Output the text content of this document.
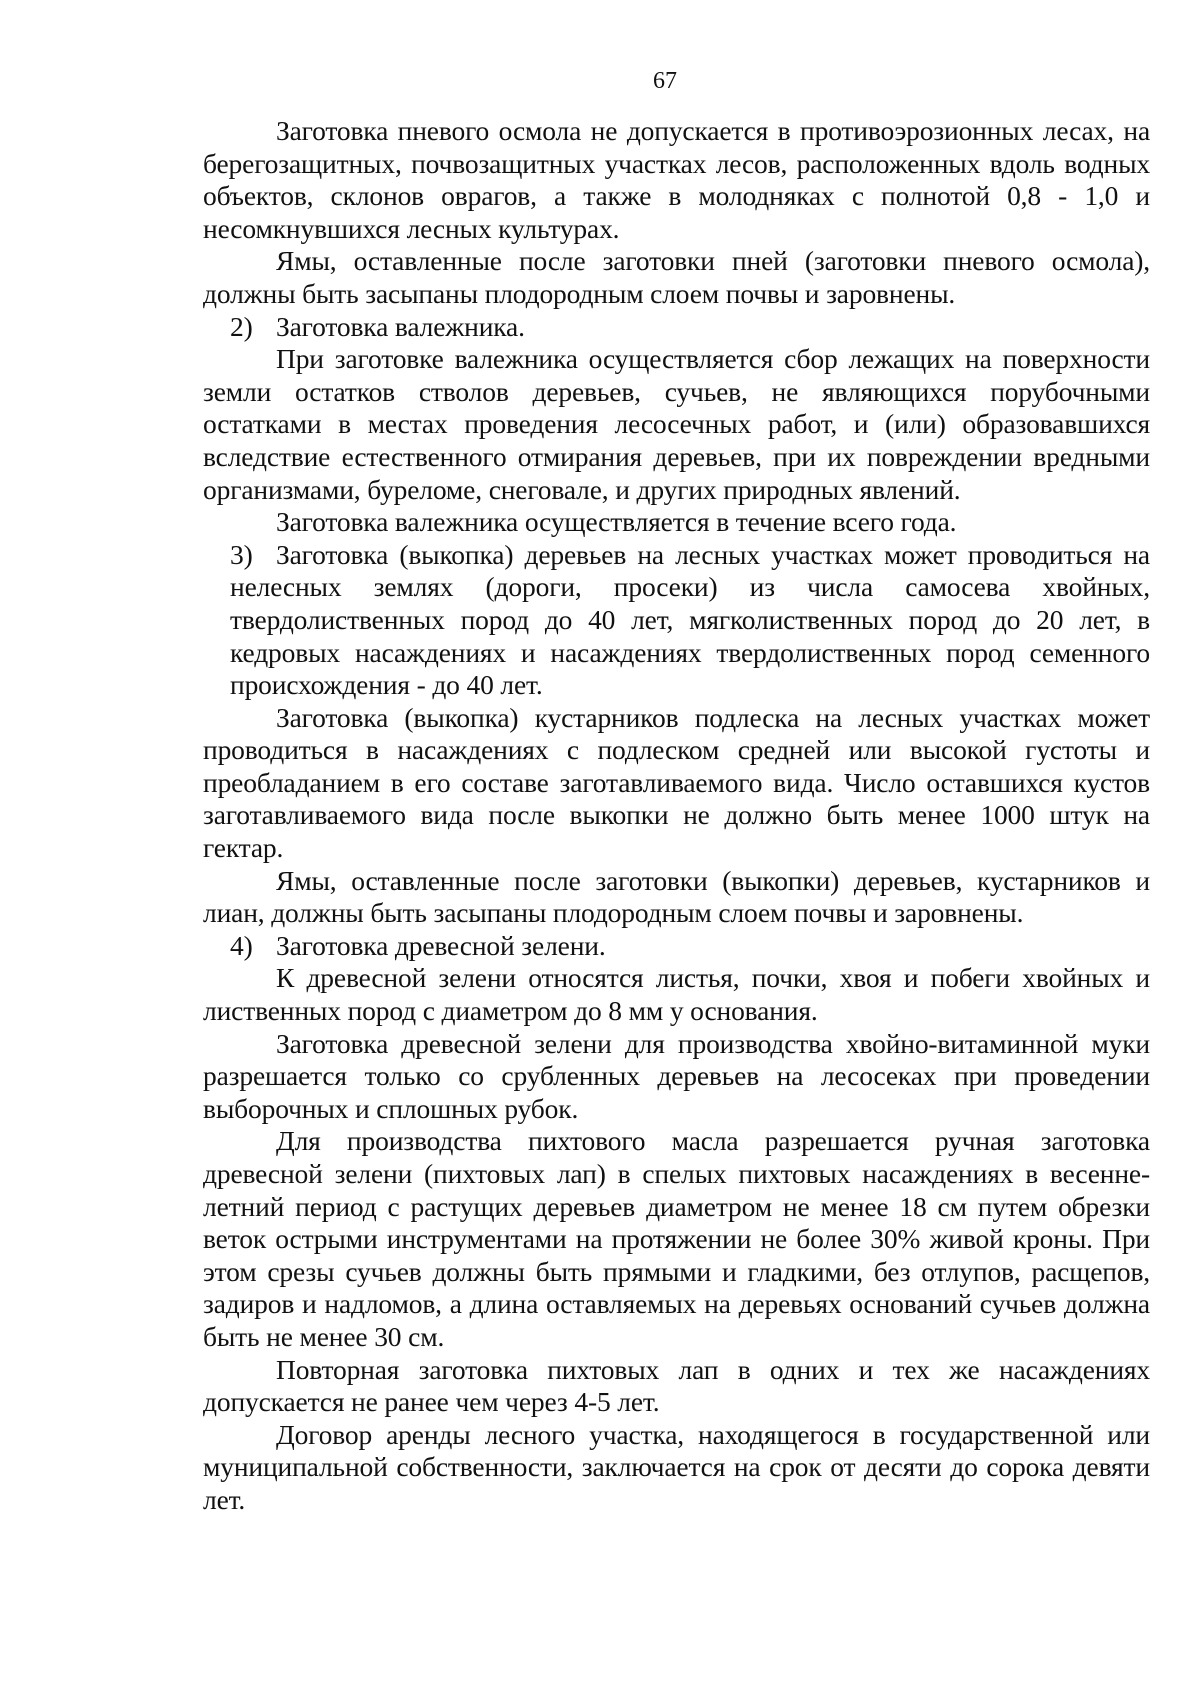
67

Заготовка пневого осмола не допускается в противоэрозионных лесах, на берегозащитных, почвозащитных участках лесов, расположенных вдоль водных объектов, склонов оврагов, а также в молодняках с полнотой 0,8 - 1,0 и несомкнувшихся лесных культурах.

Ямы, оставленные после заготовки пней (заготовки пневого осмола), должны быть засыпаны плодородным слоем почвы и заровнены.

2) Заготовка валежника.

При заготовке валежника осуществляется сбор лежащих на поверхности земли остатков стволов деревьев, сучьев, не являющихся порубочными остатками в местах проведения лесосечных работ, и (или) образовавшихся вследствие естественного отмирания деревьев, при их повреждении вредными организмами, буреломе, снеговале, и других природных явлений.

Заготовка валежника осуществляется в течение всего года.

3) Заготовка (выкопка) деревьев на лесных участках может проводиться на нелесных землях (дороги, просеки) из числа самосева хвойных, твердолиственных пород до 40 лет, мягколиственных пород до 20 лет, в кедровых насаждениях и насаждениях твердолиственных пород семенного происхождения - до 40 лет.

Заготовка (выкопка) кустарников подлеска на лесных участках может проводиться в насаждениях с подлеском средней или высокой густоты и преобладанием в его составе заготавливаемого вида. Число оставшихся кустов заготавливаемого вида после выкопки не должно быть менее 1000 штук на гектар.

Ямы, оставленные после заготовки (выкопки) деревьев, кустарников и лиан, должны быть засыпаны плодородным слоем почвы и заровнены.

4) Заготовка древесной зелени.

К древесной зелени относятся листья, почки, хвоя и побеги хвойных и лиственных пород с диаметром до 8 мм у основания.

Заготовка древесной зелени для производства хвойно-витаминной муки разрешается только со срубленных деревьев на лесосеках при проведении выборочных и сплошных рубок.

Для производства пихтового масла разрешается ручная заготовка древесной зелени (пихтовых лап) в спелых пихтовых насаждениях в весенне-летний период с растущих деревьев диаметром не менее 18 см путем обрезки веток острыми инструментами на протяжении не более 30% живой кроны. При этом срезы сучьев должны быть прямыми и гладкими, без отлупов, расщепов, задиров и надломов, а длина оставляемых на деревьях оснований сучьев должна быть не менее 30 см.

Повторная заготовка пихтовых лап в одних и тех же насаждениях допускается не ранее чем через 4-5 лет.

Договор аренды лесного участка, находящегося в государственной или муниципальной собственности, заключается на срок от десяти до сорока девяти лет.
